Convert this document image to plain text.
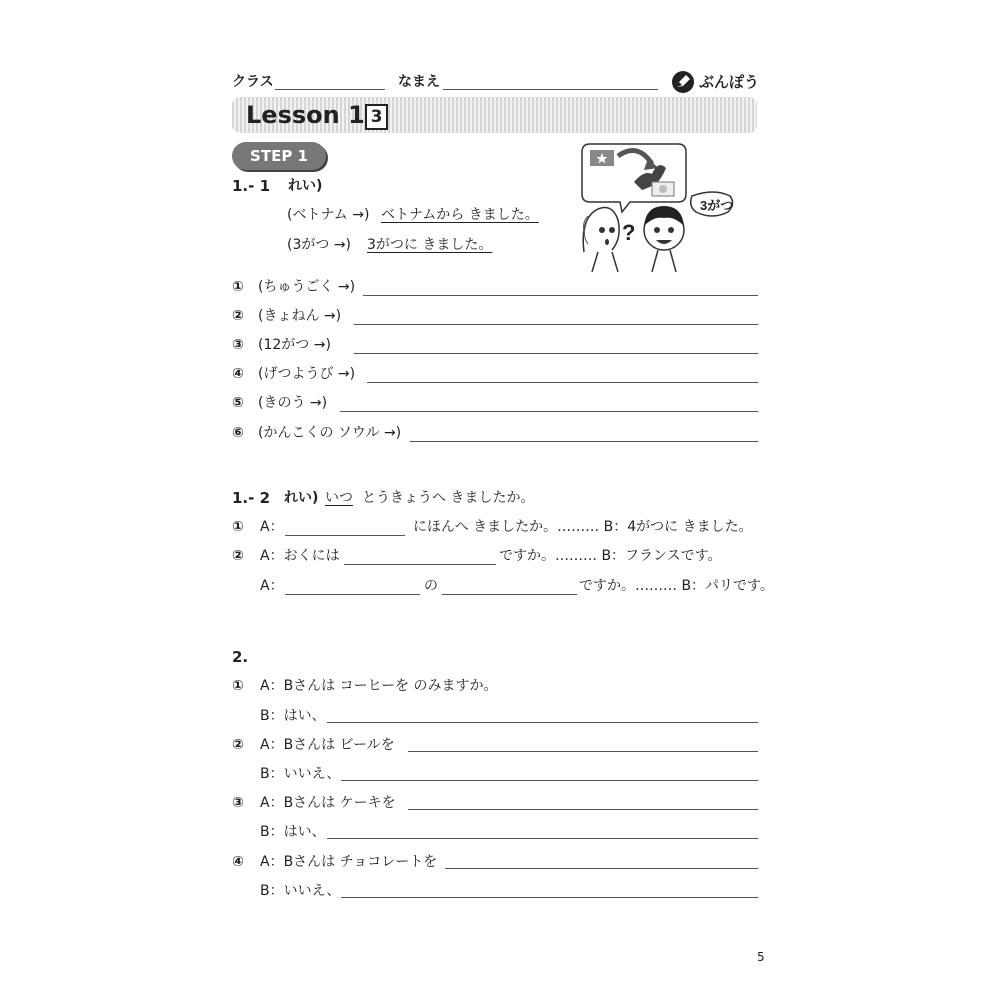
クラス	なまえ	ぶんぽう
Lesson 1 3
STEP 1
3がつ
?
1.- 1 れい)
(ベトナム →) ベトナムから きました。
(3がつ →) 3がつに きました。
① (ちゅうごく →)
② (きょねん →)
③ (12がつ →)
④ (げつようび →)
⑤ (きのう →)
⑥ (かんこくの ソウル →)
1.- 2 れい) いつ とうきょうへ きましたか。
① A：	にほんへ きましたか。……… B：4がつに きました。
② A：おくには	ですか。……… B：フランスです。
A：	の	ですか。……… B：パリです。
2.
① A：Bさんは コーヒーを のみますか。
B：はい、
② A：Bさんは ビールを
B：いいえ、
③ A：Bさんは ケーキを
B：はい、
④ A：Bさんは チョコレートを
B：いいえ、
5
